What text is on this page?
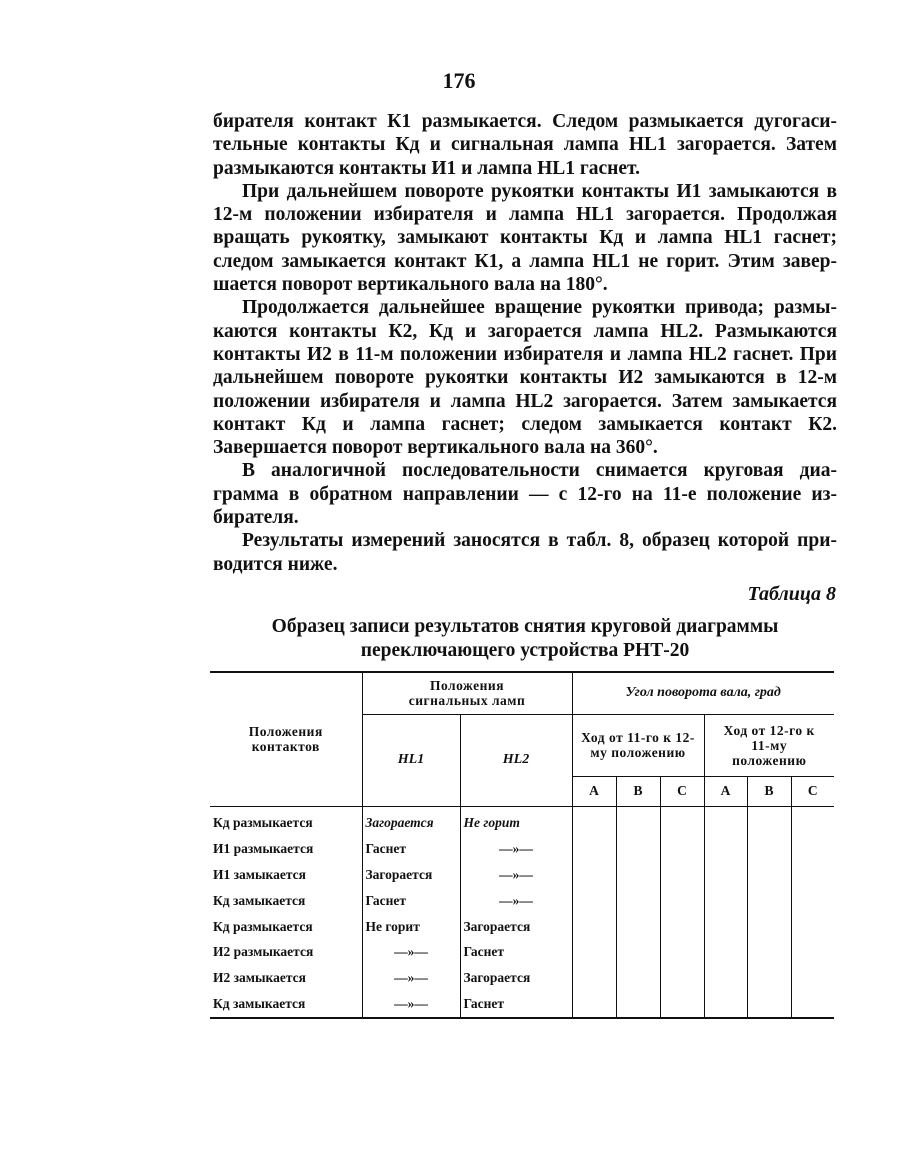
176

бирателя контакт К1 размыкается. Следом размыкается дугогасительные контакты Кд и сигнальная лампа HL1 загорается. Затем размыкаются контакты И1 и лампа HL1 гаснет.

При дальнейшем повороте рукоятки контакты И1 замыкаются в 12-м положении избирателя и лампа HL1 загорается. Продолжая вращать рукоятку, замыкают контакты Кд и лампа HL1 гаснет; следом замыкается контакт К1, а лампа HL1 не горит. Этим завершается поворот вертикального вала на 180°.

Продолжается дальнейшее вращение рукоятки привода; размыкаются контакты К2, Кд и загорается лампа HL2. Размыкаются контакты И2 в 11-м положении избирателя и лампа HL2 гаснет. При дальнейшем повороте рукоятки контакты И2 замыкаются в 12-м положении избирателя и лампа HL2 загорается. Затем замыкается контакт Кд и лампа гаснет; следом замыкается контакт К2. Завершается поворот вертикального вала на 360°.

В аналогичной последовательности снимается круговая диаграмма в обратном направлении — с 12-го на 11-е положение избирателя.

Результаты измерений заносятся в табл. 8, образец которой приводится ниже.

Таблица 8
Образец записи результатов снятия круговой диаграммы
переключающего устройства РНТ-20
Положения контактов	Положения сигнальных ламп		Угол поворота вала, град					
	HL1	HL2	Ход от 11-го к 12-му положению			Ход от 12-го к 11-му положению		
			A	B	C	A	B	C
Кд размыкается	Загорается	Не горит						
И1 размыкается	Гаснет	—»—						
И1 замыкается	Загорается	—»—						
Кд замыкается	Гаснет	—»—						
Кд размыкается	Не горит	Загорается						
И2 размыкается	—»—	Гаснет						
И2 замыкается	—»—	Загорается						
Кд замыкается	—»—	Гаснет						
